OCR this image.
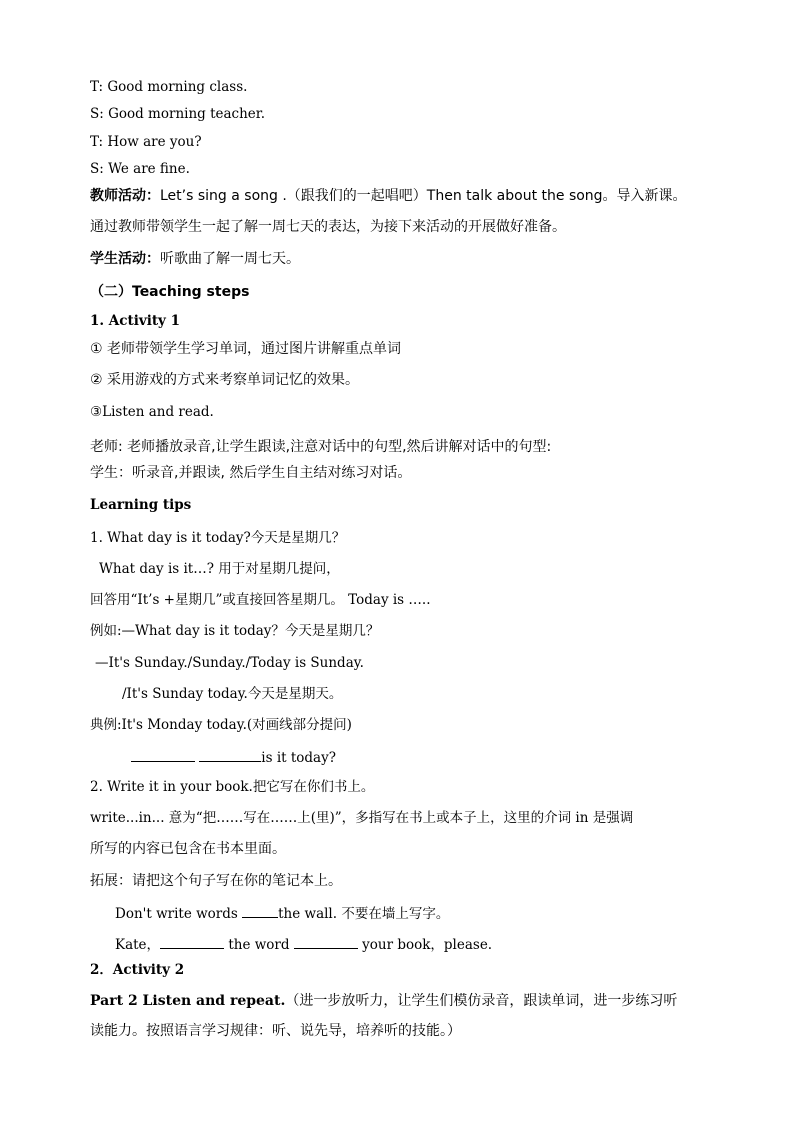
T: Good morning class.
S: Good morning teacher.
T: How are you?
S: We are fine.
教师活动：Let’s sing a song .（跟我们的一起唱吧）Then talk about the song。导入新课。
通过教师带领学生一起了解一周七天的表达，为接下来活动的开展做好准备。
学生活动：听歌曲了解一周七天。
（二）Teaching steps
1. Activity 1
① 老师带领学生学习单词，通过图片讲解重点单词
② 采用游戏的方式来考察单词记忆的效果。
③Listen and read.
老师: 老师播放录音,让学生跟读,注意对话中的句型,然后讲解对话中的句型:
学生：听录音,并跟读, 然后学生自主结对练习对话。
Learning tips
1. What day is it today?今天是星期几？
What day is it…? 用于对星期几提问，
回答用“It’s +星期几”或直接回答星期几。 Today is …..
例如:—What day is it today？今天是星期几？
—It's Sunday./Sunday./Today is Sunday.
/It's Sunday today.今天是星期天。
典例:It's Monday today.(对画线部分提问)
is it today?
2. Write it in your book.把它写在你们书上。
write...in... 意为“把……写在……上(里)”，多指写在书上或本子上，这里的介词 in 是强调
所写的内容已包含在书本里面。
拓展：请把这个句子写在你的笔记本上。
Don't write words	the wall. 不要在墙上写字。
Kate，	the word	your book，please.
2．Activity 2
Part 2 Listen and repeat.（进一步放听力，让学生们模仿录音，跟读单词，进一步练习听
读能力。按照语言学习规律：听、说先导，培养听的技能。）
